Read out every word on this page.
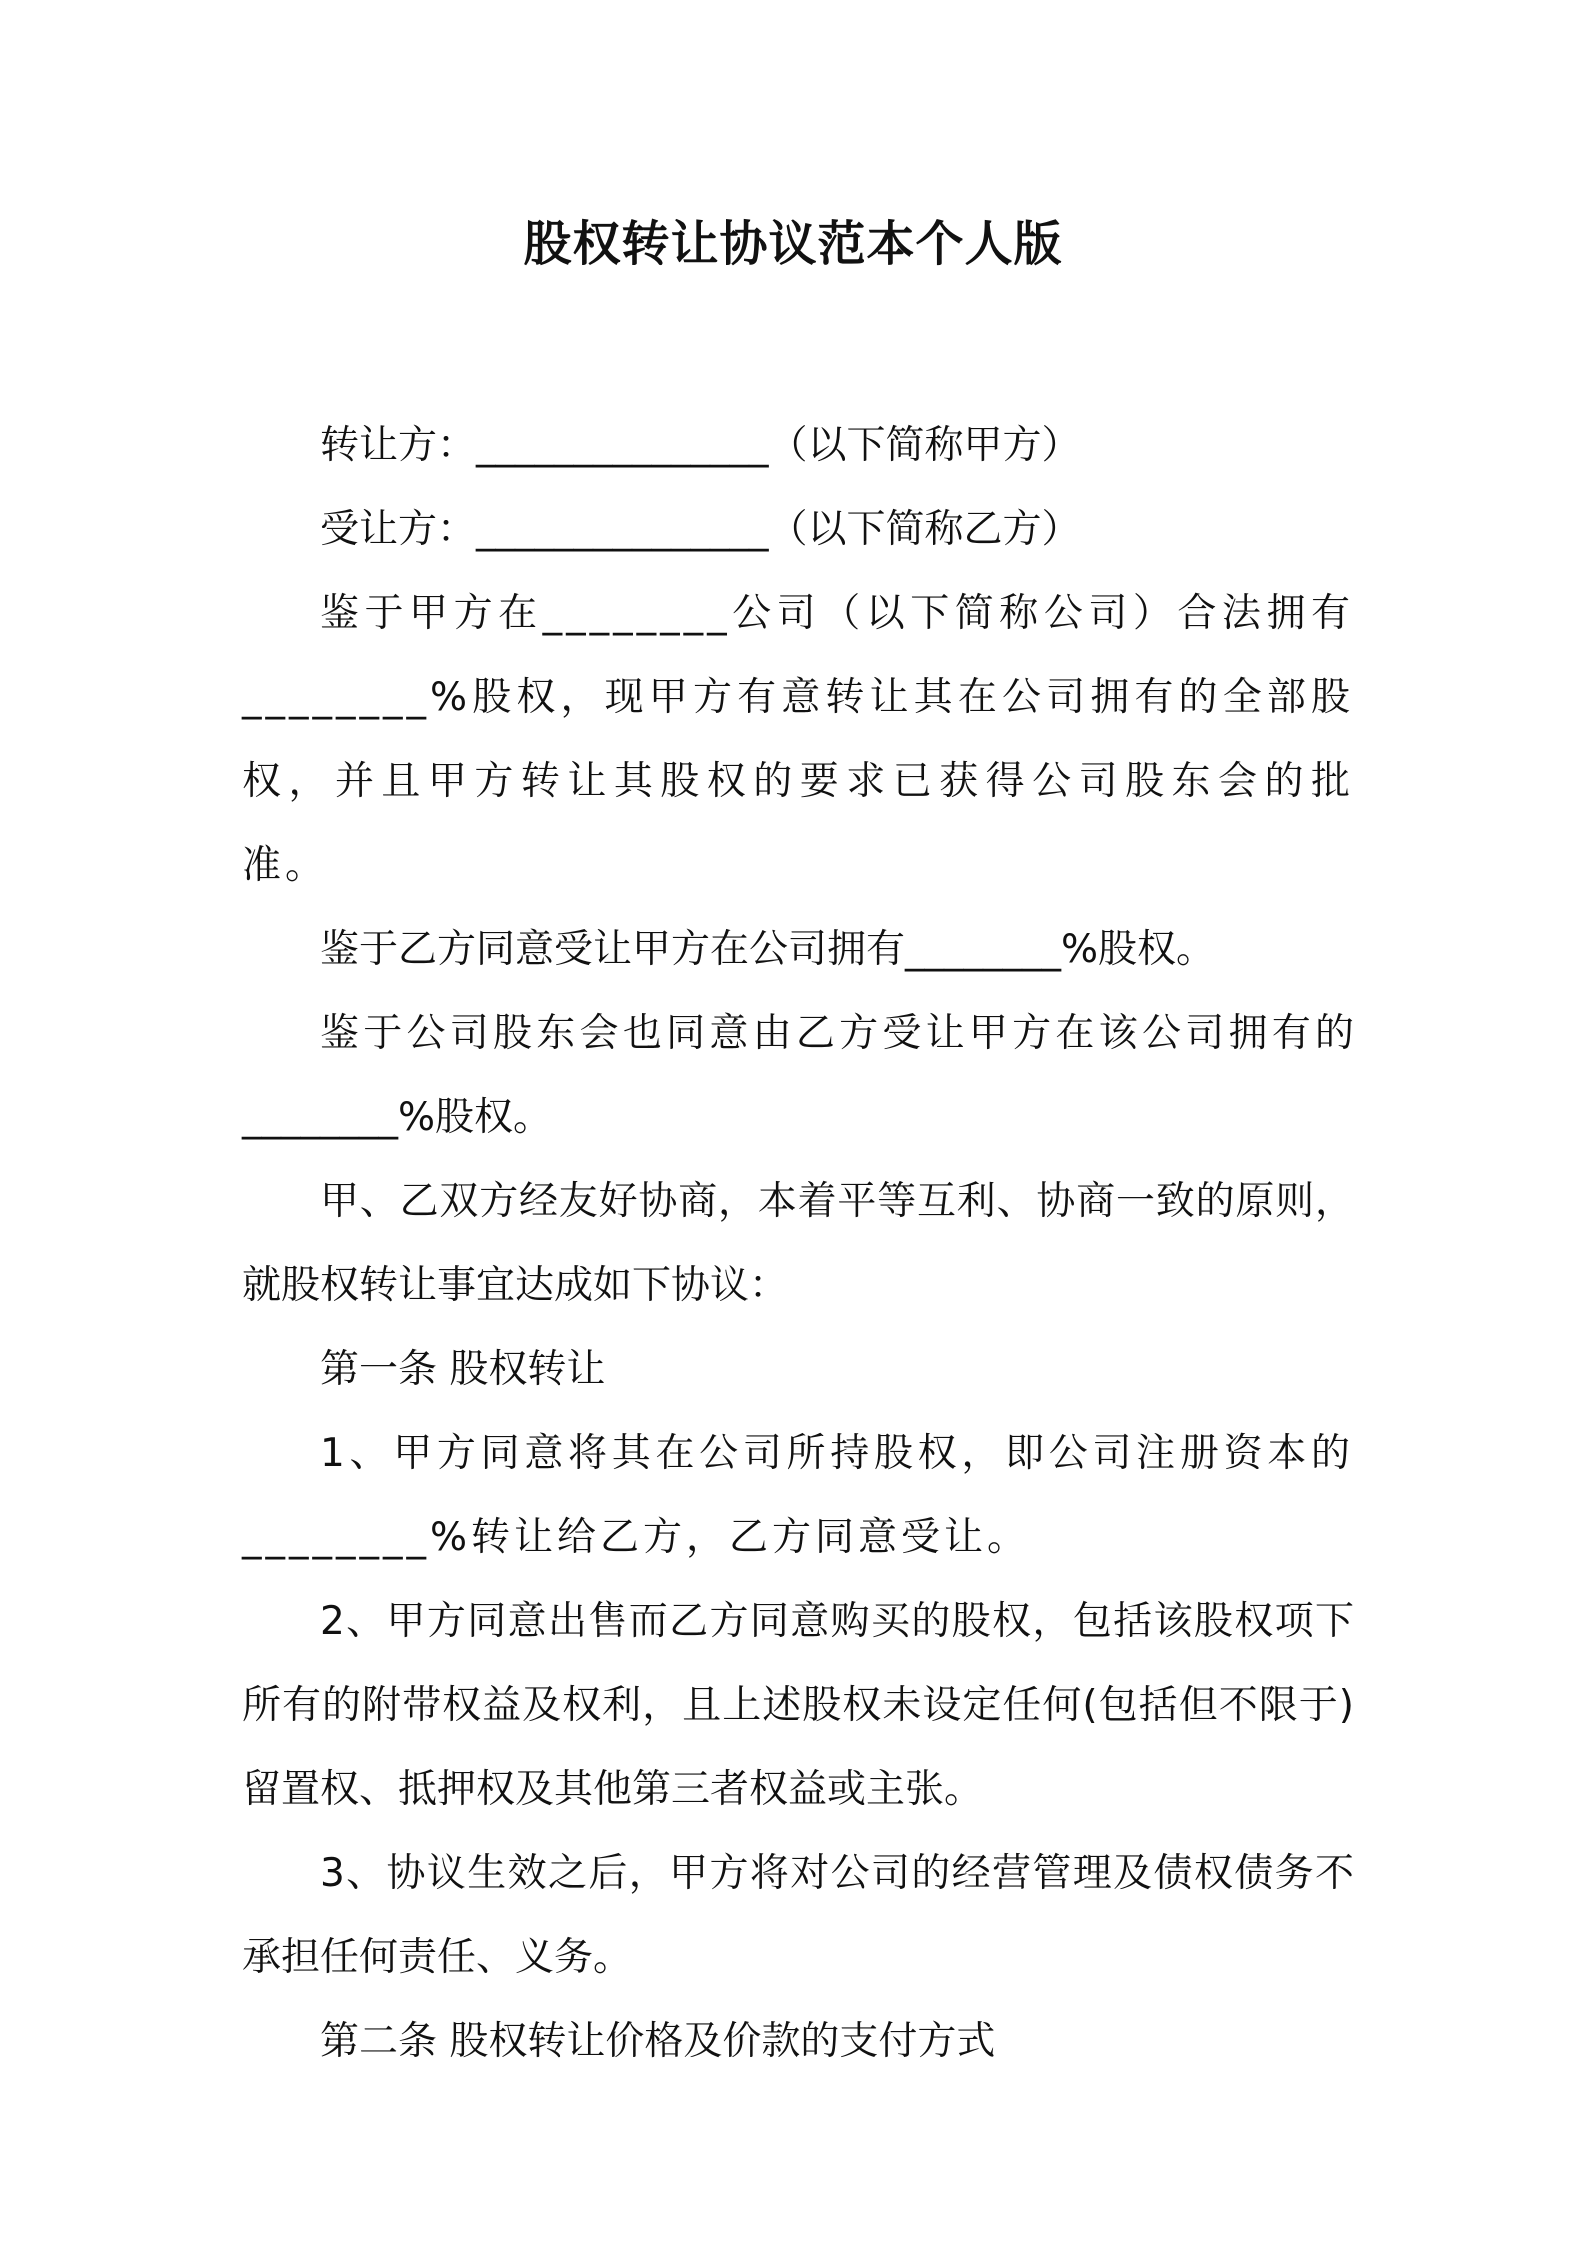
股权转让协议范本个人版

转让方：_______________（以下简称甲方）

受让方：_______________（以下简称乙方）

鉴于甲方在________公司（以下简称公司）合法拥有________%股权，现甲方有意转让其在公司拥有的全部股权，并且甲方转让其股权的要求已获得公司股东会的批准。

鉴于乙方同意受让甲方在公司拥有________%股权。

鉴于公司股东会也同意由乙方受让甲方在该公司拥有的________%股权。

甲、乙双方经友好协商，本着平等互利、协商一致的原则，就股权转让事宜达成如下协议：

第一条 股权转让

1、甲方同意将其在公司所持股权，即公司注册资本的________%转让给乙方，乙方同意受让。

2、甲方同意出售而乙方同意购买的股权，包括该股权项下所有的附带权益及权利，且上述股权未设定任何(包括但不限于)留置权、抵押权及其他第三者权益或主张。

3、协议生效之后，甲方将对公司的经营管理及债权债务不承担任何责任、义务。

第二条 股权转让价格及价款的支付方式
